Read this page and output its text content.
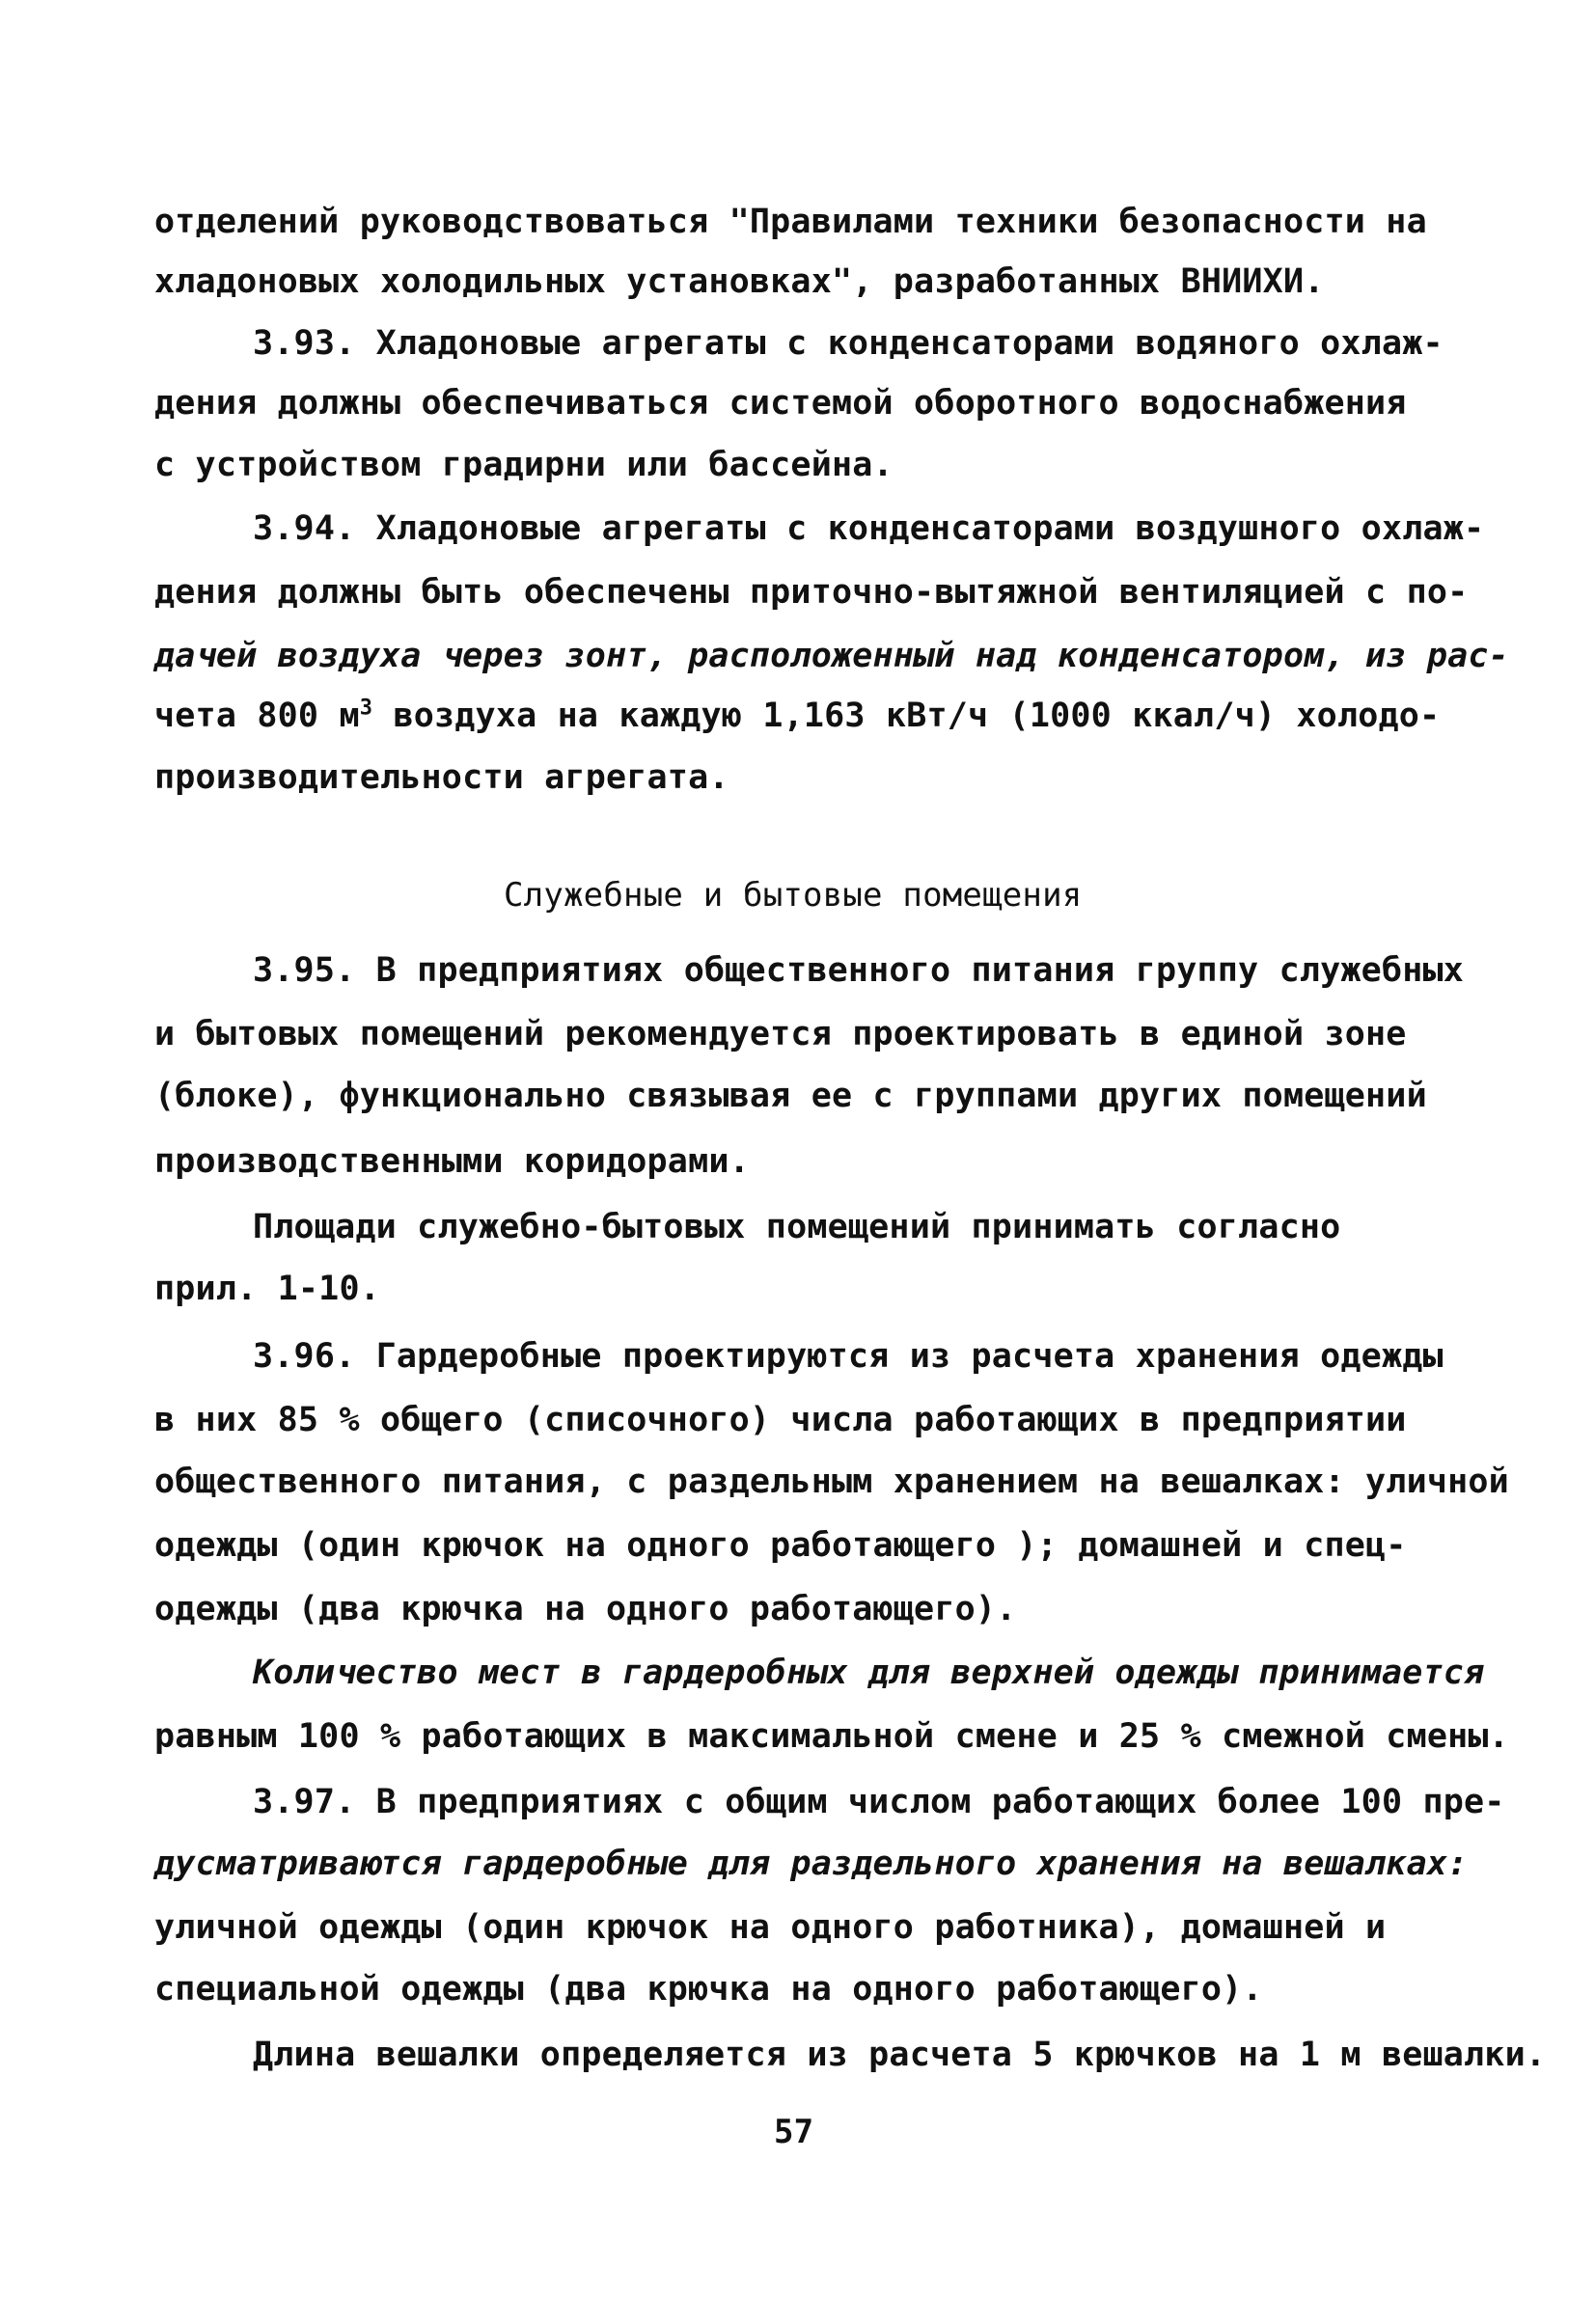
отделений руководствоваться "Правилами техники безопасности на
хладоновых холодильных установках", разработанных ВНИИХИ.
3.93. Хладоновые агрегаты с конденсаторами водяного охлаж-
дения должны обеспечиваться системой оборотного водоснабжения
с устройством градирни или бассейна.
3.94. Хладоновые агрегаты с конденсаторами воздушного охлаж-
дения должны быть обеспечены приточно-вытяжной вентиляцией с по-
дачей воздуха через зонт, расположенный над конденсатором, из рас-
чета 800 $м^3$ воздуха на каждую 1,163 кВт/ч (1000 ккал/ч) холодо-
производительности агрегата.
Служебные и бытовые помещения
3.95. В предприятиях общественного питания группу служебных
и бытовых помещений рекомендуется проектировать в единой зоне
(блоке), функционально связывая ее с группами других помещений
производственными коридорами.
Площади служебно-бытовых помещений принимать согласно
прил. 1-10.
3.96. Гардеробные проектируются из расчета хранения одежды
в них 85 % общего (списочного) числа работающих в предприятии
общественного питания, с раздельным хранением на вешалках: уличной
одежды (один крючок на одного работающего ); домашней и спец-
одежды (два крючка на одного работающего).
Количество мест в гардеробных для верхней одежды принимается
равным 100 % работающих в максимальной смене и 25 % смежной смены.
3.97. В предприятиях с общим числом работающих более 100 пре-
дусматриваются гардеробные для раздельного хранения на вешалках:
уличной одежды (один крючок на одного работника), домашней и
специальной одежды (два крючка на одного работающего).
Длина вешалки определяется из расчета 5 крючков на 1 м вешалки.
57
